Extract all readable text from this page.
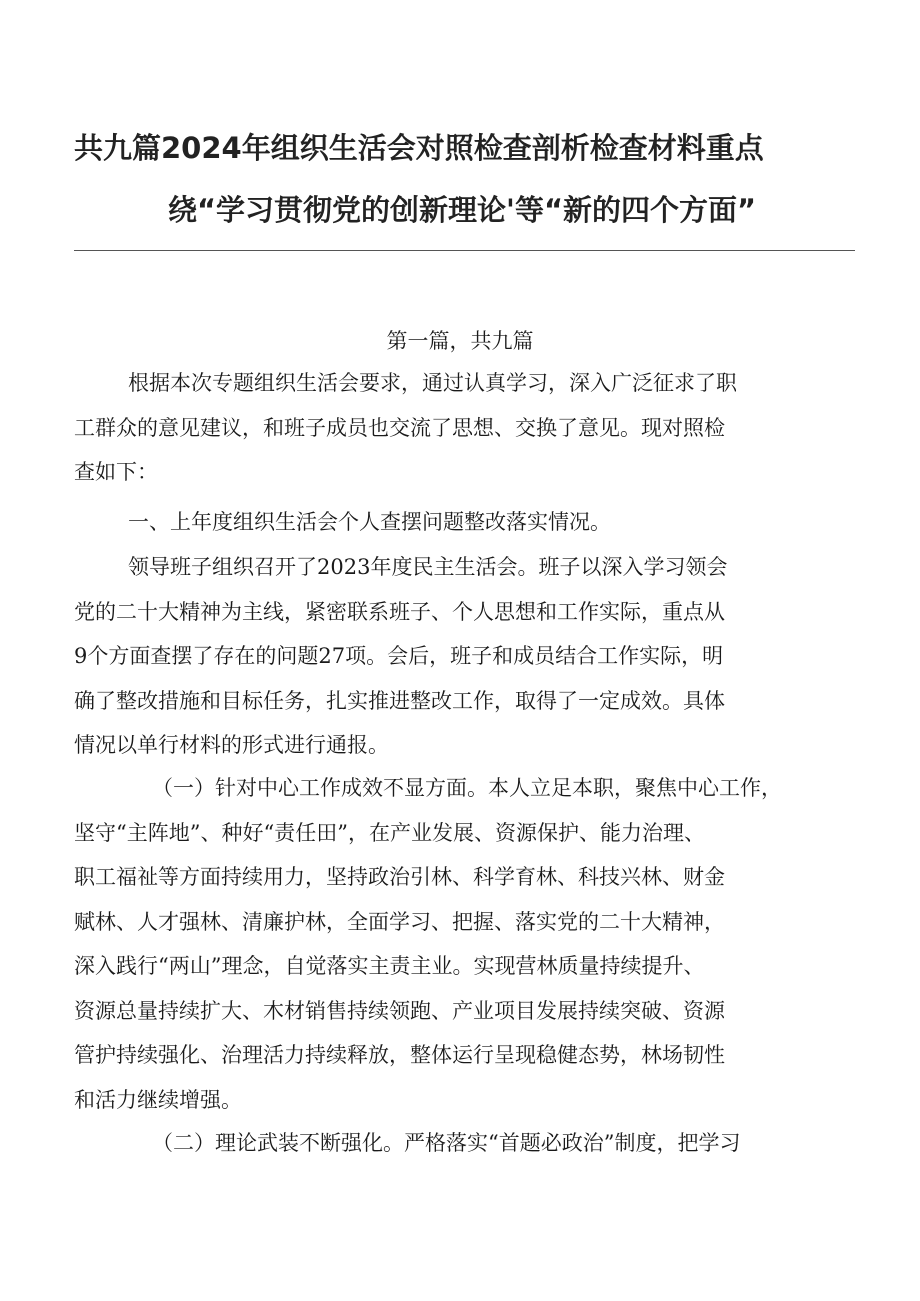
共九篇2024年组织生活会对照检查剖析检查材料重点
绕“学习贯彻党的创新理论'等“新的四个方面”
第一篇，共九篇
根据本次专题组织生活会要求，通过认真学习，深入广泛征求了职
工群众的意见建议，和班子成员也交流了思想、交换了意见。现对照检
查如下：
一、上年度组织生活会个人查摆问题整改落实情况。
领导班子组织召开了2023年度民主生活会。班子以深入学习领会
党的二十大精神为主线，紧密联系班子、个人思想和工作实际，重点从
9个方面查摆了存在的问题27项。会后，班子和成员结合工作实际，明
确了整改措施和目标任务，扎实推进整改工作，取得了一定成效。具体
情况以单行材料的形式进行通报。
（一）针对中心工作成效不显方面。本人立足本职，聚焦中心工作，
坚守“主阵地”、种好“责任田”，在产业发展、资源保护、能力治理、
职工福祉等方面持续用力，坚持政治引林、科学育林、科技兴林、财金
赋林、人才强林、清廉护林，全面学习、把握、落实党的二十大精神，
深入践行“两山”理念，自觉落实主责主业。实现营林质量持续提升、
资源总量持续扩大、木材销售持续领跑、产业项目发展持续突破、资源
管护持续强化、治理活力持续释放，整体运行呈现稳健态势，林场韧性
和活力继续增强。
（二）理论武装不断强化。严格落实“首题必政治”制度，把学习
